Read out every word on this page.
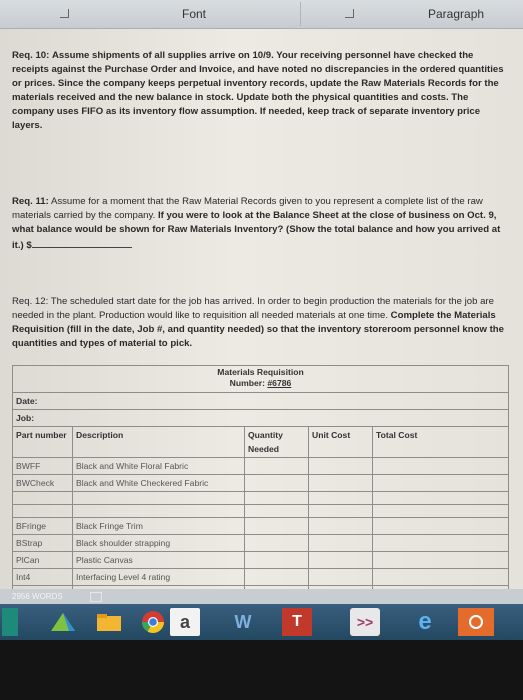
Font	Paragraph
Req. 10: Assume shipments of all supplies arrive on 10/9. Your receiving personnel have checked the receipts against the Purchase Order and Invoice, and have noted no discrepancies in the ordered quantities or prices. Since the company keeps perpetual inventory records, update the Raw Materials Records for the materials received and the new balance in stock. Update both the physical quantities and costs. The company uses FIFO as its inventory flow assumption. If needed, keep track of separate inventory price layers.
Req. 11: Assume for a moment that the Raw Material Records given to you represent a complete list of the raw materials carried by the company. If you were to look at the Balance Sheet at the close of business on Oct. 9, what balance would be shown for Raw Materials Inventory? (Show the total balance and how you arrived at it.) $
Req. 12: The scheduled start date for the job has arrived. In order to begin production the materials for the job are needed in the plant. Production would like to requisition all needed materials at one time. Complete the Materials Requisition (fill in the date, Job #, and quantity needed) so that the inventory storeroom personnel know the quantities and types of material to pick.
Materials Requisition
Number: #6786				

Date:				
Job:				
Part number	Description	Quantity Needed	Unit Cost	Total Cost
BWFF	Black and White Floral Fabric			
BWCheck	Black and White Checkered Fabric			

BFringe	Black Fringe Trim			
BStrap	Black shoulder strapping			
PlCan	Plastic Canvas			
Int4	Interfacing Level 4 rating			

2956 WORDS
a	W	T	>>	e
